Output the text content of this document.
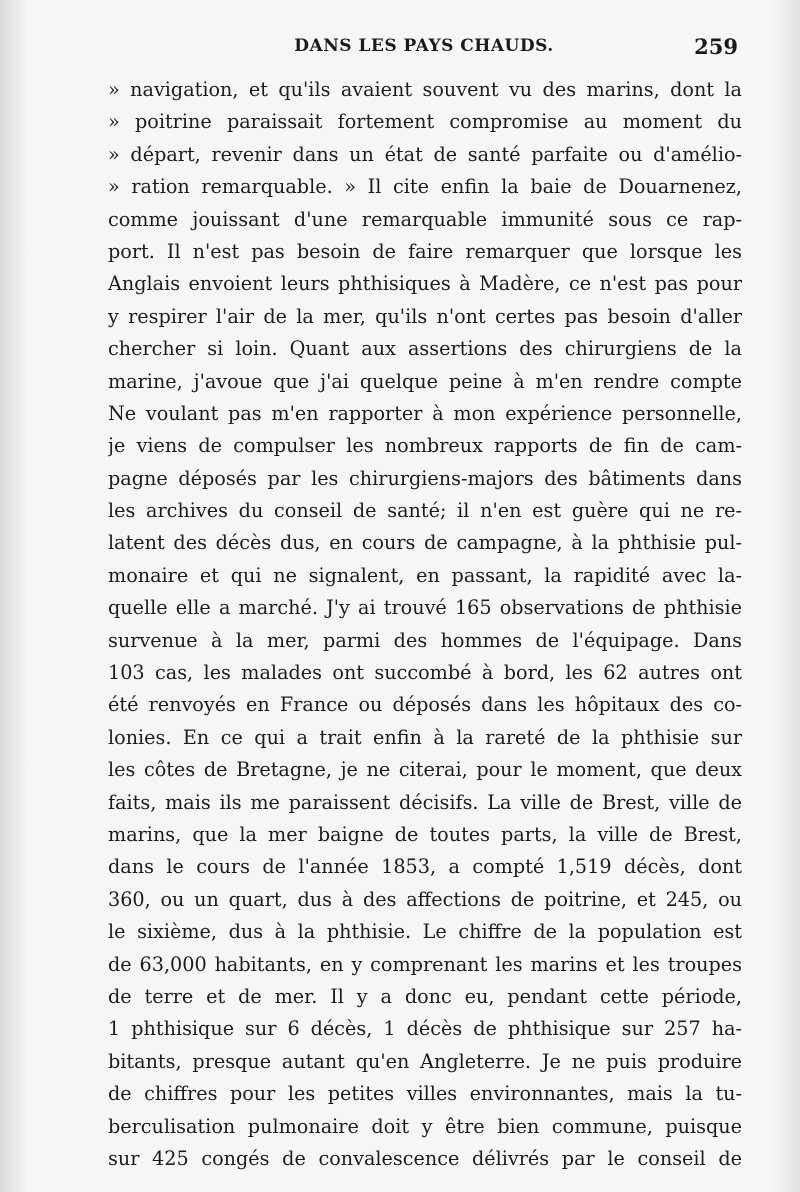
DANS LES PAYS CHAUDS.	259
» navigation, et qu'ils avaient souvent vu des marins, dont la
» poitrine paraissait fortement compromise au moment du
» départ, revenir dans un état de santé parfaite ou d'amélio-
» ration remarquable. » Il cite enfin la baie de Douarnenez,
comme jouissant d'une remarquable immunité sous ce rap-
port. Il n'est pas besoin de faire remarquer que lorsque les
Anglais envoient leurs phthisiques à Madère, ce n'est pas pour
y respirer l'air de la mer, qu'ils n'ont certes pas besoin d'aller
chercher si loin. Quant aux assertions des chirurgiens de la
marine, j'avoue que j'ai quelque peine à m'en rendre compte
Ne voulant pas m'en rapporter à mon expérience personnelle,
je viens de compulser les nombreux rapports de fin de cam-
pagne déposés par les chirurgiens-majors des bâtiments dans
les archives du conseil de santé; il n'en est guère qui ne re-
latent des décès dus, en cours de campagne, à la phthisie pul-
monaire et qui ne signalent, en passant, la rapidité avec la-
quelle elle a marché. J'y ai trouvé 165 observations de phthisie
survenue à la mer, parmi des hommes de l'équipage. Dans
103 cas, les malades ont succombé à bord, les 62 autres ont
été renvoyés en France ou déposés dans les hôpitaux des co-
lonies. En ce qui a trait enfin à la rareté de la phthisie sur
les côtes de Bretagne, je ne citerai, pour le moment, que deux
faits, mais ils me paraissent décisifs. La ville de Brest, ville de
marins, que la mer baigne de toutes parts, la ville de Brest,
dans le cours de l'année 1853, a compté 1,519 décès, dont
360, ou un quart, dus à des affections de poitrine, et 245, ou
le sixième, dus à la phthisie. Le chiffre de la population est
de 63,000 habitants, en y comprenant les marins et les troupes
de terre et de mer. Il y a donc eu, pendant cette période,
1 phthisique sur 6 décès, 1 décès de phthisique sur 257 ha-
bitants, presque autant qu'en Angleterre. Je ne puis produire
de chiffres pour les petites villes environnantes, mais la tu-
berculisation pulmonaire doit y être bien commune, puisque
sur 425 congés de convalescence délivrés par le conseil de
